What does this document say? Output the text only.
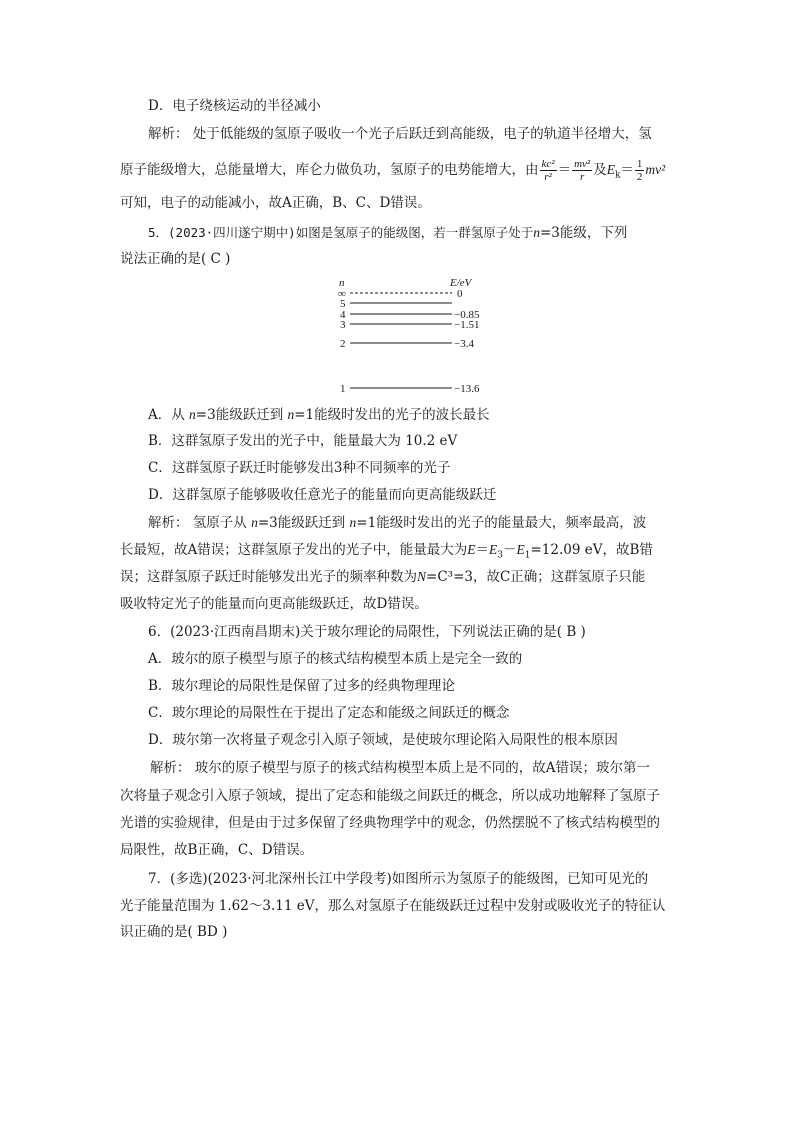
D．电子绕核运动的半径减小
解析： 处于低能级的氢原子吸收一个光子后跃迁到高能级，电子的轨道半径增大，氢
原子能级增大，总能量增大，库仑力做负功，氢原子的电势能增大，由 $\frac{\text{kc²}}{\text{r²}} = \frac{\text{mv²}}{r}$ 及$E_k= \frac{1}{2} mv^2$
可知，电子的动能减小，故A正确，B、C、D错误。
5．(2023·四川遂宁期中)如图是氢原子的能级图，若一群氢原子处于n=3能级，下列
说法正确的是( C )
n	E/eV
∞	0
5
4	−0.85
3	−1.51
2	−3.4
1	−13.6
A．从 n=3能级跃迁到 n=1能级时发出的光子的波长最长
B．这群氢原子发出的光子中，能量最大为 10.2 eV
C．这群氢原子跃迁时能够发出3种不同频率的光子
D．这群氢原子能够吸收任意光子的能量而向更高能级跃迁
解析： 氢原子从 n=3能级跃迁到 n=1能级时发出的光子的能量最大，频率最高，波
长最短，故A错误；这群氢原子发出的光子中，能量最大为$E=E_3-E_1=12.09$ eV，故B错
误；这群氢原子跃迁时能够发出光子的频率种数为N=C³=3，故C正确；这群氢原子只能
吸收特定光子的能量而向更高能级跃迁，故D错误。
6．(2023·江西南昌期末)关于玻尔理论的局限性，下列说法正确的是( B )
A．玻尔的原子模型与原子的核式结构模型本质上是完全一致的
B．玻尔理论的局限性是保留了过多的经典物理理论
C．玻尔理论的局限性在于提出了定态和能级之间跃迁的概念
D．玻尔第一次将量子观念引入原子领域，是使玻尔理论陷入局限性的根本原因
解析： 玻尔的原子模型与原子的核式结构模型本质上是不同的，故A错误；玻尔第一
次将量子观念引入原子领域，提出了定态和能级之间跃迁的概念，所以成功地解释了氢原子
光谱的实验规律，但是由于过多保留了经典物理学中的观念，仍然摆脱不了核式结构模型的
局限性，故B正确，C、D错误。
7．(多选)(2023·河北深州长江中学段考)如图所示为氢原子的能级图，已知可见光的
光子能量范围为 1.62～3.11 eV，那么对氢原子在能级跃迁过程中发射或吸收光子的特征认
识正确的是( BD )
